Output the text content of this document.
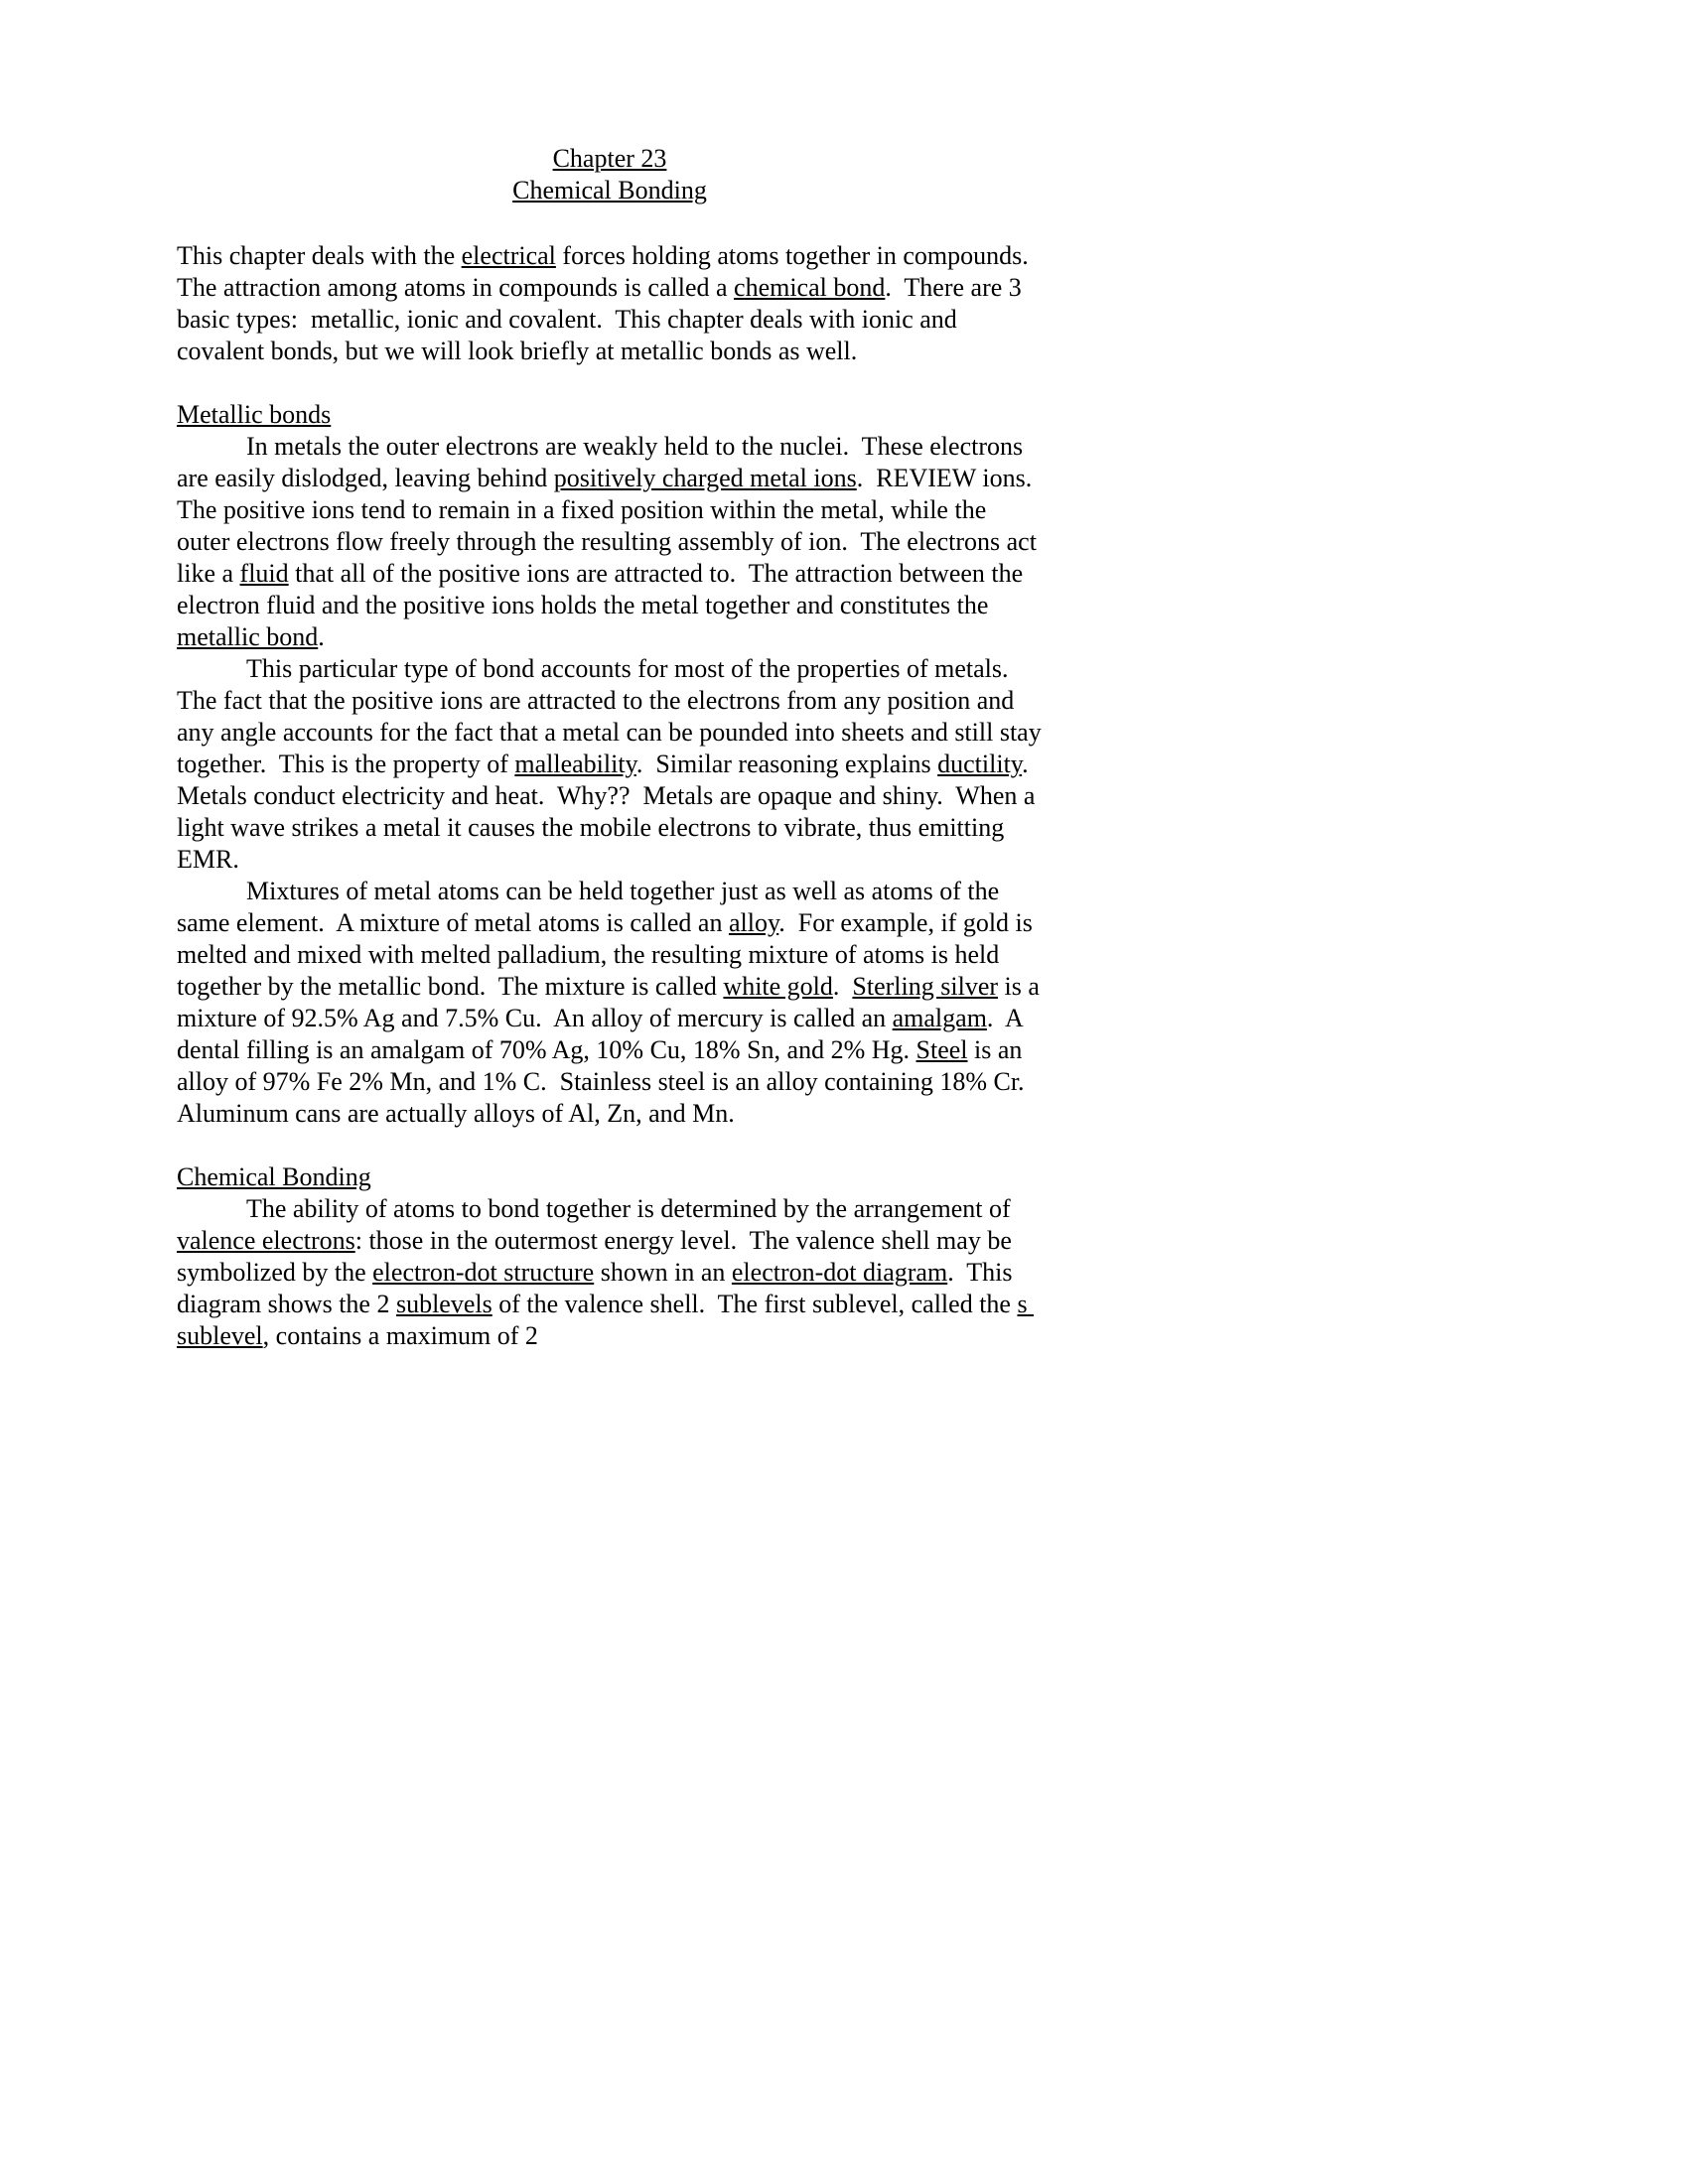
Chapter 23
Chemical Bonding
This chapter deals with the electrical forces holding atoms together in compounds.  The attraction among atoms in compounds is called a chemical bond.  There are 3 basic types:  metallic, ionic and covalent.  This chapter deals with ionic and covalent bonds, but we will look briefly at metallic bonds as well.
Metallic bonds
In metals the outer electrons are weakly held to the nuclei.  These electrons are easily dislodged, leaving behind positively charged metal ions.  REVIEW ions.  The positive ions tend to remain in a fixed position within the metal, while the outer electrons flow freely through the resulting assembly of ion.  The electrons act like a fluid that all of the positive ions are attracted to.  The attraction between the electron fluid and the positive ions holds the metal together and constitutes the metallic bond.
This particular type of bond accounts for most of the properties of metals.  The fact that the positive ions are attracted to the electrons from any position and any angle accounts for the fact that a metal can be pounded into sheets and still stay together.  This is the property of malleability.  Similar reasoning explains ductility.  Metals conduct electricity and heat.  Why??  Metals are opaque and shiny.  When a light wave strikes a metal it causes the mobile electrons to vibrate, thus emitting EMR.
Mixtures of metal atoms can be held together just as well as atoms of the same element.  A mixture of metal atoms is called an alloy.  For example, if gold is melted and mixed with melted palladium, the resulting mixture of atoms is held together by the metallic bond.  The mixture is called white gold.  Sterling silver is a mixture of 92.5% Ag and 7.5% Cu.  An alloy of mercury is called an amalgam.  A dental filling is an amalgam of 70% Ag, 10% Cu, 18% Sn, and 2% Hg. Steel is an alloy of 97% Fe 2% Mn, and 1% C.  Stainless steel is an alloy containing 18% Cr.  Aluminum cans are actually alloys of Al, Zn, and Mn.
Chemical Bonding
The ability of atoms to bond together is determined by the arrangement of valence electrons: those in the outermost energy level.  The valence shell may be symbolized by the electron-dot structure shown in an electron-dot diagram.  This diagram shows the 2 sublevels of the valence shell.  The first sublevel, called the s sublevel, contains a maximum of 2
